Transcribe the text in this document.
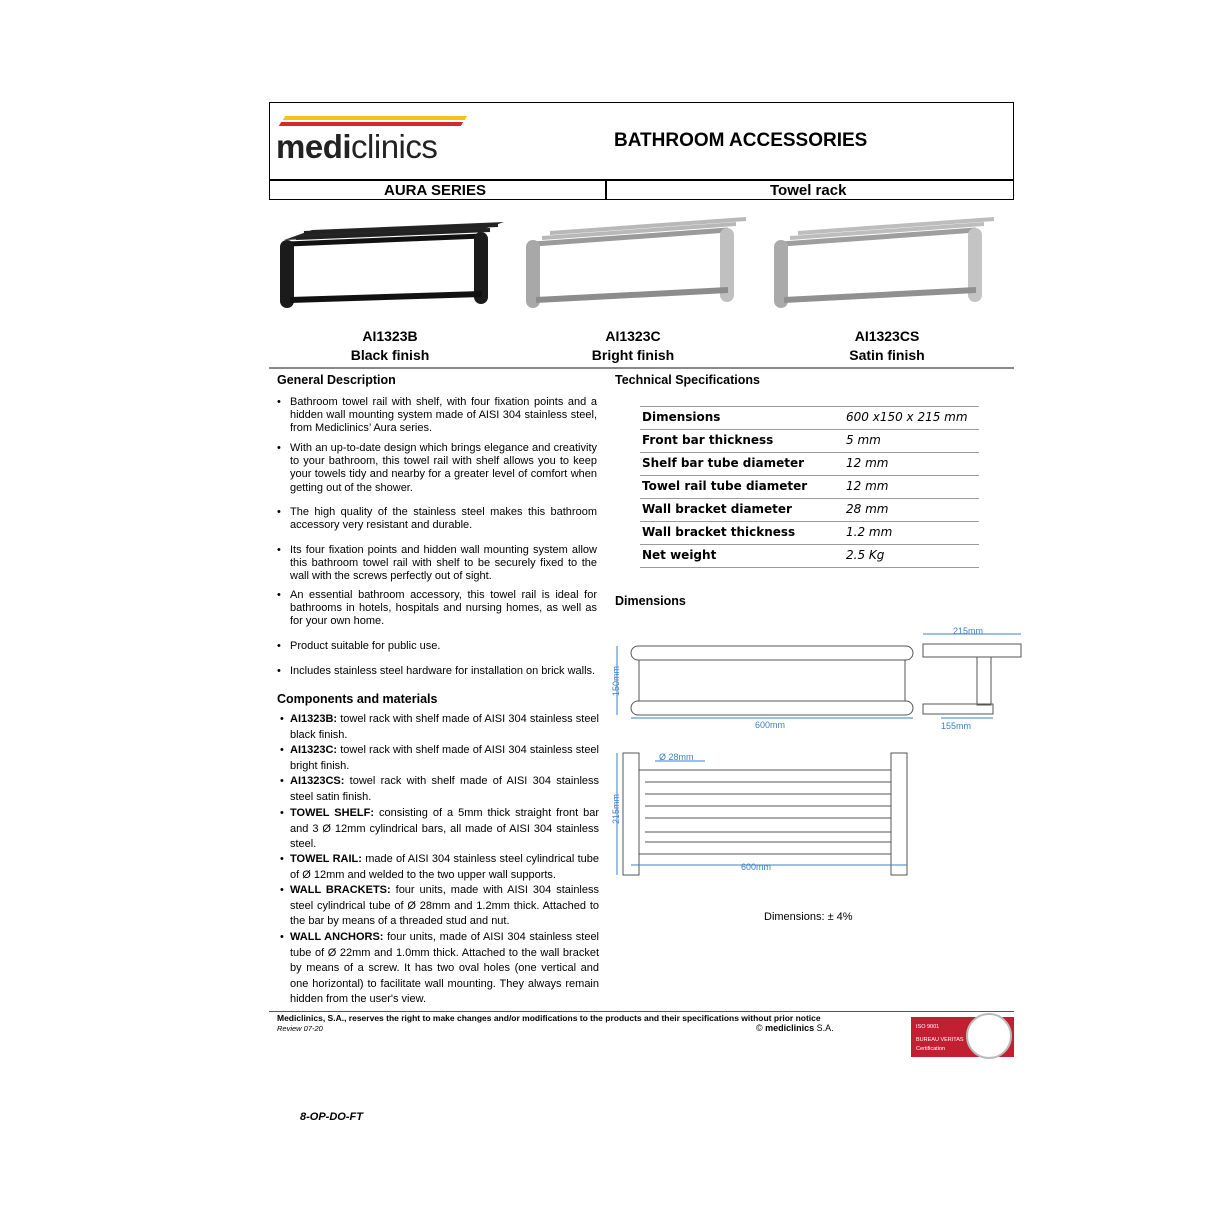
mediclinics	BATHROOM ACCESSORIES
AURA SERIES	Towel rack
AI1323B
Black finish
AI1323C
Bright finish
AI1323CS
Satin finish
General Description
• Bathroom towel rail with shelf, with four fixation points and a hidden wall mounting system made of AISI 304 stainless steel, from Mediclinics’ Aura series.
• With an up-to-date design which brings elegance and creativity to your bathroom, this towel rail with shelf allows you to keep your towels tidy and nearby for a greater level of comfort when getting out of the shower.
• The high quality of the stainless steel makes this bathroom accessory very resistant and durable.
• Its four fixation points and hidden wall mounting system allow this bathroom towel rail with shelf to be securely fixed to the wall with the screws perfectly out of sight.
• An essential bathroom accessory, this towel rail is ideal for bathrooms in hotels, hospitals and nursing homes, as well as for your own home.
• Product suitable for public use.
• Includes stainless steel hardware for installation on brick walls.
Components and materials
• AI1323B: towel rack with shelf made of AISI 304 stainless steel black finish.
• AI1323C: towel rack with shelf made of AISI 304 stainless steel bright finish.
• AI1323CS: towel rack with shelf made of AISI 304 stainless steel satin finish.
• TOWEL SHELF: consisting of a 5mm thick straight front bar and 3 Ø 12mm cylindrical bars, all made of AISI 304 stainless steel.
• TOWEL RAIL: made of AISI 304 stainless steel cylindrical tube of Ø 12mm and welded to the two upper wall supports.
• WALL BRACKETS: four units, made with AISI 304 stainless steel cylindrical tube of Ø 28mm and 1.2mm thick. Attached to the bar by means of a threaded stud and nut.
• WALL ANCHORS: four units, made of AISI 304 stainless steel tube of Ø 22mm and 1.0mm thick. Attached to the wall bracket by means of a screw. It has two oval holes (one vertical and one horizontal) to facilitate wall mounting. They always remain hidden from the user's view.
Technical Specifications
Dimensions	600 x150 x 215 mm
Front bar thickness	5 mm
Shelf bar tube diameter	12 mm
Towel rail tube diameter	12 mm
Wall bracket diameter	28 mm
Wall bracket thickness	1.2 mm
Net weight	2.5 Kg
Dimensions
600mm
150mm
215mm
155mm
Ø 28mm
215mm
600mm
Dimensions: ± 4%
Mediclinics, S.A., reserves the right to make changes and/or modifications to the products and their specifications without prior notice
Review 07-20	© mediclinics S.A.	ISO 9001
BUREAU VERITAS
Certification
8-OP-DO-FT
